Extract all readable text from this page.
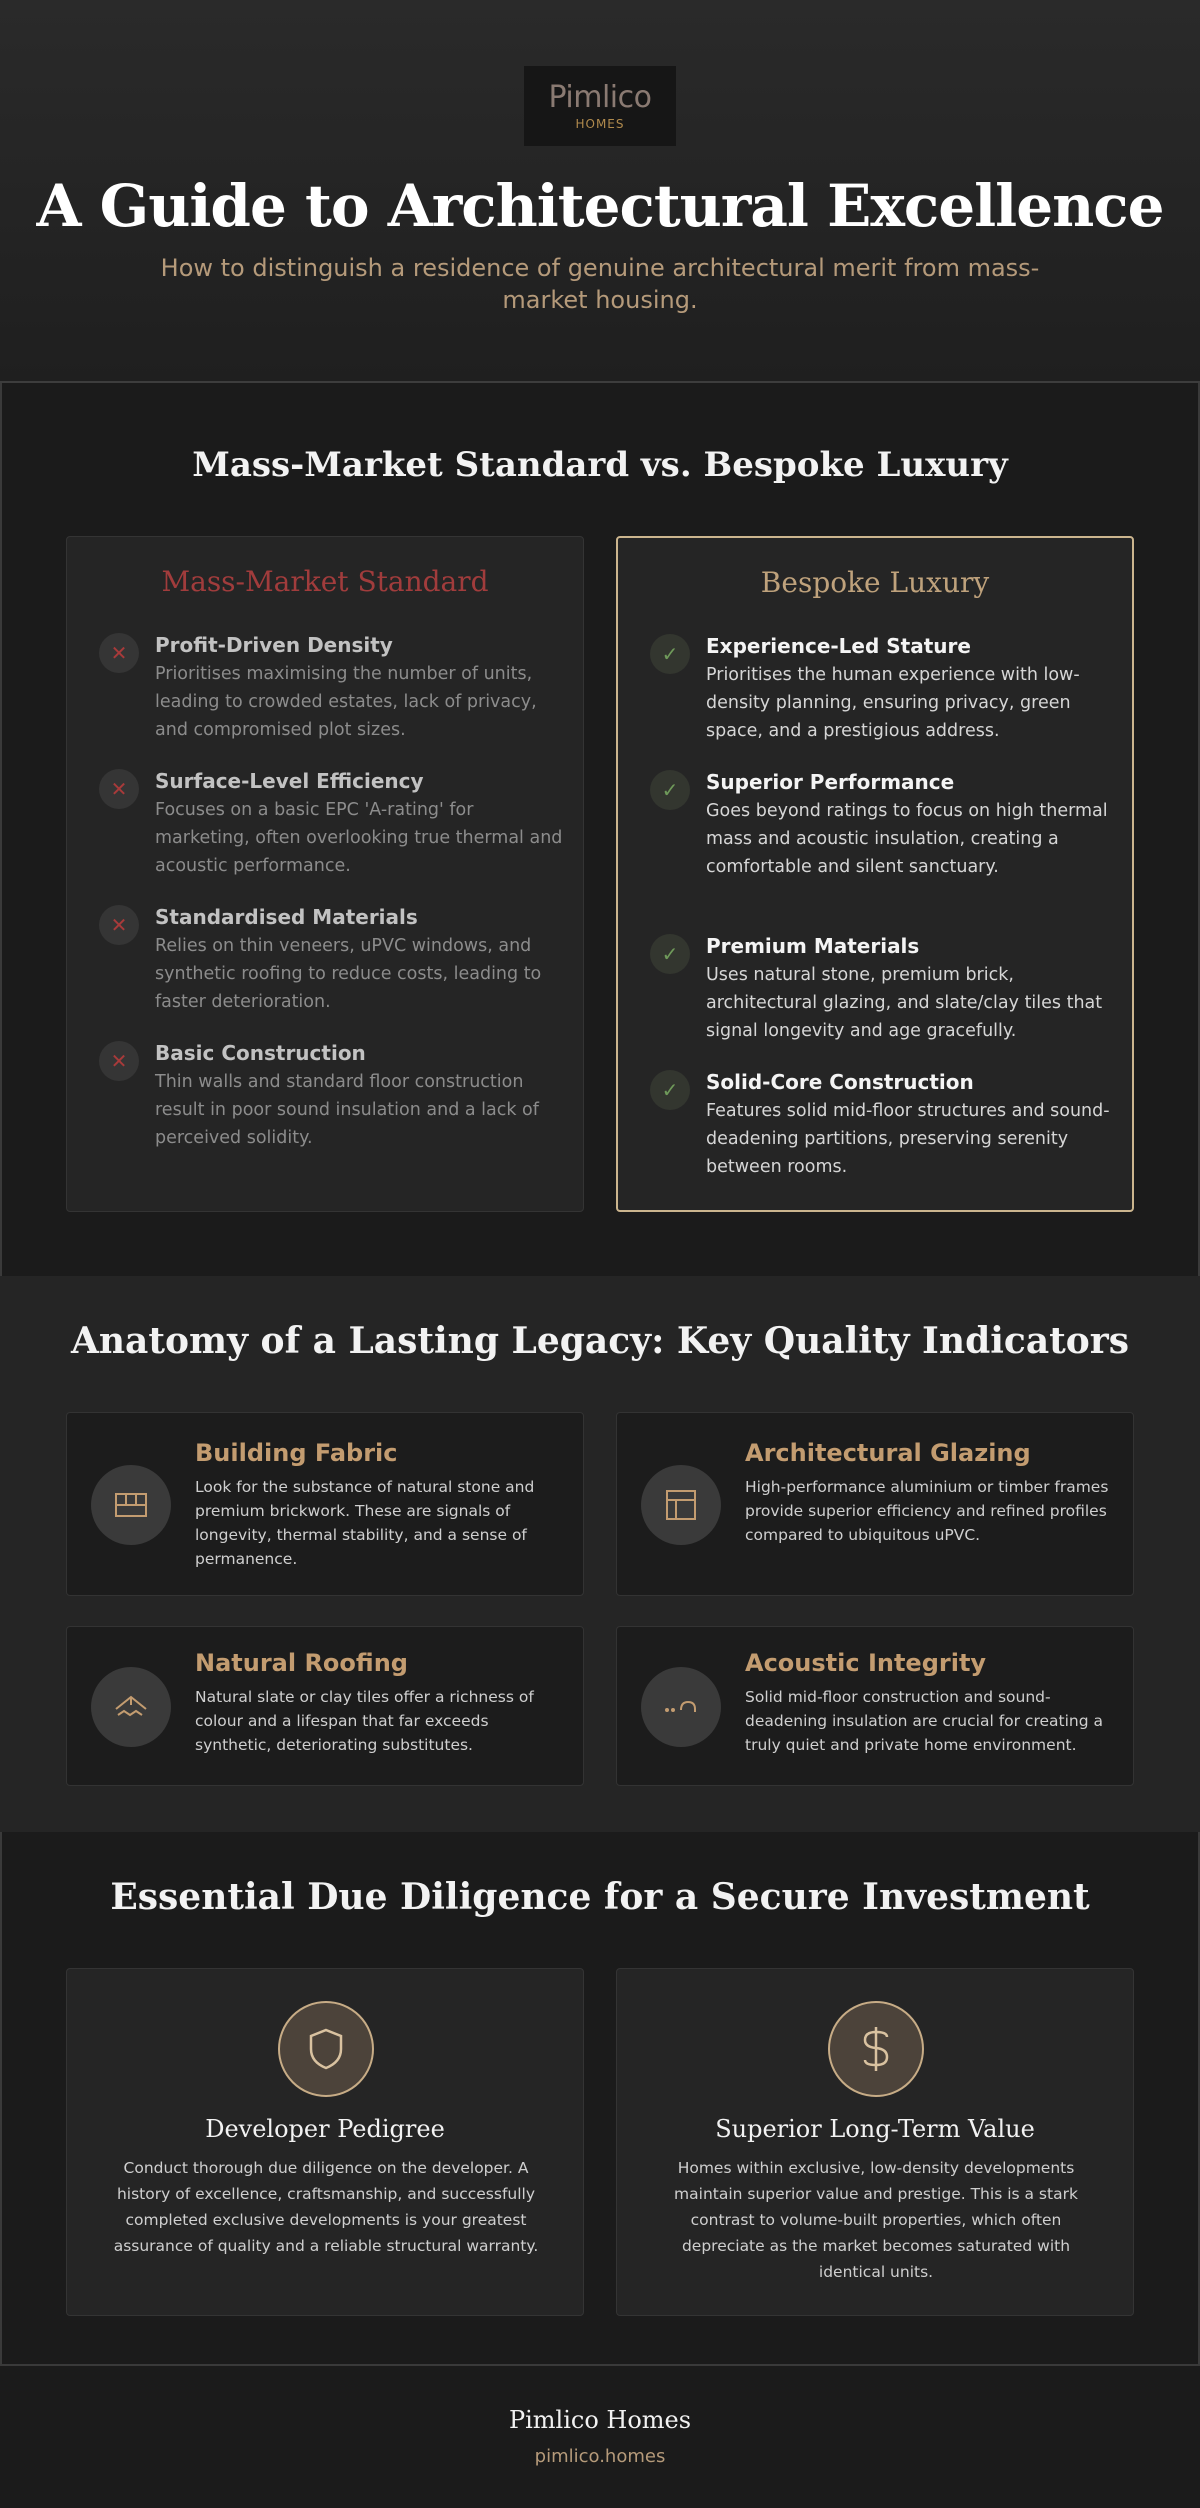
Pimlico
HOMES
A Guide to Architectural Excellence

How to distinguish a residence of genuine architectural merit from mass-market housing.

Mass-Market Standard vs. Bespoke Luxury
Mass-Market Standard
✕	Profit-Driven Density
Prioritises maximising the number of units, leading to crowded estates, lack of privacy, and compromised plot sizes.
✕	Surface-Level Efficiency
Focuses on a basic EPC 'A-rating' for marketing, often overlooking true thermal and acoustic performance.
✕	Standardised Materials
Relies on thin veneers, uPVC windows, and synthetic roofing to reduce costs, leading to faster deterioration.
✕	Basic Construction
Thin walls and standard floor construction result in poor sound insulation and a lack of perceived solidity.
Bespoke Luxury
✓	Experience-Led Stature
Prioritises the human experience with low-density planning, ensuring privacy, green space, and a prestigious address.
✓	Superior Performance
Goes beyond ratings to focus on high thermal mass and acoustic insulation, creating a comfortable and silent sanctuary.
✓	Premium Materials
Uses natural stone, premium brick, architectural glazing, and slate/clay tiles that signal longevity and age gracefully.
✓	Solid-Core Construction
Features solid mid-floor structures and sound-deadening partitions, preserving serenity between rooms.
Anatomy of a Lasting Legacy: Key Quality Indicators
Building Fabric
Look for the substance of natural stone and premium brickwork. These are signals of longevity, thermal stability, and a sense of permanence.
Architectural Glazing
High-performance aluminium or timber frames provide superior efficiency and refined profiles compared to ubiquitous uPVC.
Natural Roofing
Natural slate or clay tiles offer a richness of colour and a lifespan that far exceeds synthetic, deteriorating substitutes.
Acoustic Integrity
Solid mid-floor construction and sound-deadening insulation are crucial for creating a truly quiet and private home environment.
Essential Due Diligence for a Secure Investment
Developer Pedigree
Conduct thorough due diligence on the developer. A history of excellence, craftsmanship, and successfully completed exclusive developments is your greatest assurance of quality and a reliable structural warranty.
Superior Long-Term Value
Homes within exclusive, low-density developments maintain superior value and prestige. This is a stark contrast to volume-built properties, which often depreciate as the market becomes saturated with identical units.
Pimlico Homes
pimlico.homes
